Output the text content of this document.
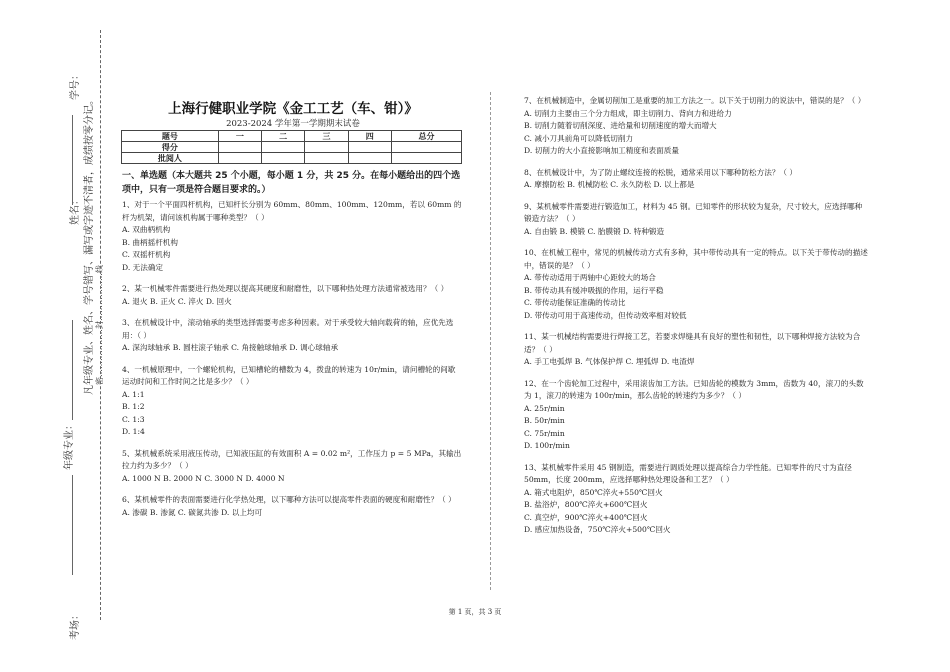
考场：
年级专业：
姓名：
学号：
凡年级专业、姓名、学号错写、漏写或字迹不清者，成绩按零分记。 密………………封………………线
上海行健职业学院《金工工艺（车、钳）》
2023-2024 学年第一学期期末试卷
题号	一	二	三	四	总分
得分					
批阅人					
一、单选题（本大题共 25 个小题，每小题 1 分，共 25 分。在每小题给出的四个选项中，只有一项是符合题目要求的。）
1、对于一个平面四杆机构，已知杆长分别为 60mm、80mm、100mm、120mm，若以 60mm 的杆为机架，请问该机构属于哪种类型？（ ）
A. 双曲柄机构
B. 曲柄摇杆机构
C. 双摇杆机构
D. 无法确定
2、某一机械零件需要进行热处理以提高其硬度和耐磨性，以下哪种热处理方法通常被选用？（ ）
A. 退火 B. 正火 C. 淬火 D. 回火
3、在机械设计中，滚动轴承的类型选择需要考虑多种因素。对于承受较大轴向载荷的轴，应优先选用：（ ）
A. 深沟球轴承 B. 圆柱滚子轴承 C. 角接触球轴承 D. 调心球轴承
4、一机械原理中，一个螺轮机构，已知槽轮的槽数为 4，拨盘的转速为 10r/min，请问槽轮的间歇运动时间和工作时间之比是多少？（ ）
A. 1:1
B. 1:2
C. 1:3
D. 1:4
5、某机械系统采用液压传动，已知液压缸的有效面积 A = 0.02 m²，工作压力 p = 5 MPa，其输出拉力约为多少？（ ）
A. 1000 N B. 2000 N C. 3000 N D. 4000 N
6、某机械零件的表面需要进行化学热处理，以下哪种方法可以提高零件表面的硬度和耐磨性？（ ）
A. 渗碳 B. 渗氮 C. 碳氮共渗 D. 以上均可
7、在机械制造中，金属切削加工是重要的加工方法之一。以下关于切削力的说法中，错误的是？（ ）
A. 切削力主要由三个分力组成，即主切削力、背向力和进给力
B. 切削力随着切削深度、进给量和切削速度的增大而增大
C. 减小刀具前角可以降低切削力
D. 切削力的大小直接影响加工精度和表面质量
8、在机械设计中，为了防止螺纹连接的松脱，通常采用以下哪种防松方法？（ ）
A. 摩擦防松 B. 机械防松 C. 永久防松 D. 以上都是
9、某机械零件需要进行锻造加工，材料为 45 钢。已知零件的形状较为复杂，尺寸较大，应选择哪种锻造方法？（ ）
A. 自由锻 B. 模锻 C. 胎膜锻 D. 特种锻造
10、在机械工程中，常见的机械传动方式有多种，其中带传动具有一定的特点。以下关于带传动的描述中，错误的是？（ ）
A. 带传动适用于两轴中心距较大的场合
B. 带传动具有缓冲吸振的作用，运行平稳
C. 带传动能保证准确的传动比
D. 带传动可用于高速传动，但传动效率相对较低
11、某一机械结构需要进行焊接工艺，若要求焊缝具有良好的塑性和韧性，以下哪种焊接方法较为合适？（ ）
A. 手工电弧焊 B. 气体保护焊 C. 埋弧焊 D. 电渣焊
12、在一个齿轮加工过程中，采用滚齿加工方法。已知齿轮的模数为 3mm，齿数为 40，滚刀的头数为 1，滚刀的转速为 100r/min，那么齿轮的转速约为多少？（ ）
A. 25r/min
B. 50r/min
C. 75r/min
D. 100r/min
13、某机械零件采用 45 钢制造，需要进行调质处理以提高综合力学性能。已知零件的尺寸为直径 50mm，长度 200mm，应选择哪种热处理设备和工艺？（ ）
A. 箱式电阻炉，850℃淬火+550℃回火
B. 盐浴炉，800℃淬火+600℃回火
C. 真空炉，900℃淬火+400℃回火
D. 感应加热设备，750℃淬火+500℃回火
第 1 页，共 3 页
